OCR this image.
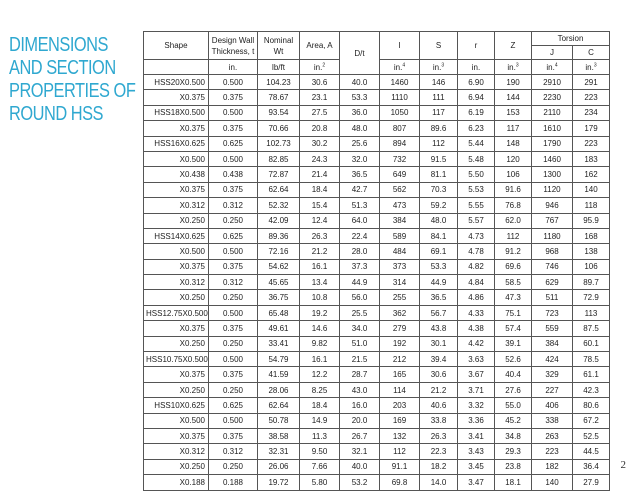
DIMENSIONS
AND SECTION
PROPERTIES OF
ROUND HSS
Shape	Design Wall Thickness, t	Nominal Wt	Area, A	D/t	I	S	r	Z	Torsion	
									J	C
	in.	lb/ft	in.$^2$		in.$^4$	in.$^3$	in.	in.$^3$	in.$^4$	in.$^3$
HSS20X0.500	0.500	104.23	30.6	40.0	1460	146	6.90	190	2910	291
X0.375	0.375	78.67	23.1	53.3	1110	111	6.94	144	2230	223
HSS18X0.500	0.500	93.54	27.5	36.0	1050	117	6.19	153	2110	234
X0.375	0.375	70.66	20.8	48.0	807	89.6	6.23	117	1610	179
HSS16X0.625	0.625	102.73	30.2	25.6	894	112	5.44	148	1790	223
X0.500	0.500	82.85	24.3	32.0	732	91.5	5.48	120	1460	183
X0.438	0.438	72.87	21.4	36.5	649	81.1	5.50	106	1300	162
X0.375	0.375	62.64	18.4	42.7	562	70.3	5.53	91.6	1120	140
X0.312	0.312	52.32	15.4	51.3	473	59.2	5.55	76.8	946	118
X0.250	0.250	42.09	12.4	64.0	384	48.0	5.57	62.0	767	95.9
HSS14X0.625	0.625	89.36	26.3	22.4	589	84.1	4.73	112	1180	168
X0.500	0.500	72.16	21.2	28.0	484	69.1	4.78	91.2	968	138
X0.375	0.375	54.62	16.1	37.3	373	53.3	4.82	69.6	746	106
X0.312	0.312	45.65	13.4	44.9	314	44.9	4.84	58.5	629	89.7
X0.250	0.250	36.75	10.8	56.0	255	36.5	4.86	47.3	511	72.9
HSS12.75X0.500	0.500	65.48	19.2	25.5	362	56.7	4.33	75.1	723	113
X0.375	0.375	49.61	14.6	34.0	279	43.8	4.38	57.4	559	87.5
X0.250	0.250	33.41	9.82	51.0	192	30.1	4.42	39.1	384	60.1
HSS10.75X0.500	0.500	54.79	16.1	21.5	212	39.4	3.63	52.6	424	78.5
X0.375	0.375	41.59	12.2	28.7	165	30.6	3.67	40.4	329	61.1
X0.250	0.250	28.06	8.25	43.0	114	21.2	3.71	27.6	227	42.3
HSS10X0.625	0.625	62.64	18.4	16.0	203	40.6	3.32	55.0	406	80.6
X0.500	0.500	50.78	14.9	20.0	169	33.8	3.36	45.2	338	67.2
X0.375	0.375	38.58	11.3	26.7	132	26.3	3.41	34.8	263	52.5
X0.312	0.312	32.31	9.50	32.1	112	22.3	3.43	29.3	223	44.5
X0.250	0.250	26.06	7.66	40.0	91.1	18.2	3.45	23.8	182	36.4
X0.188	0.188	19.72	5.80	53.2	69.8	14.0	3.47	18.1	140	27.9
2
